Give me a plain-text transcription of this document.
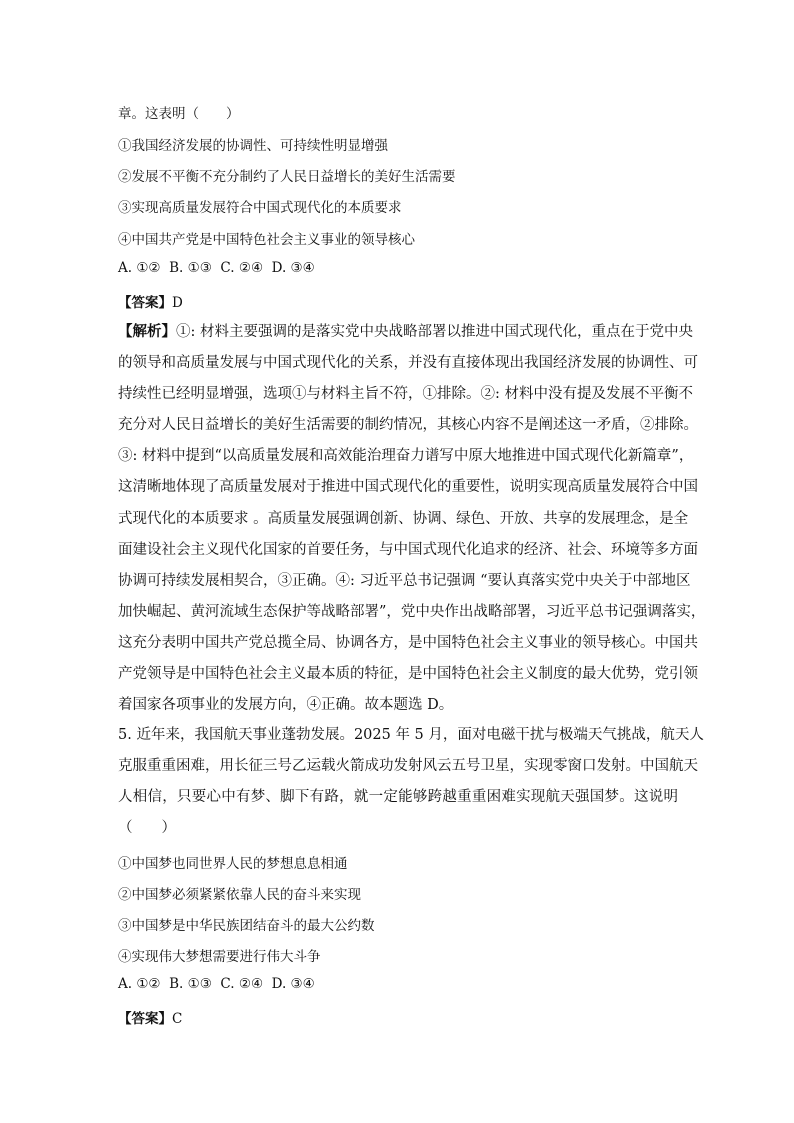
章。这表明（　　）
①我国经济发展的协调性、可持续性明显增强
②发展不平衡不充分制约了人民日益增长的美好生活需要
③实现高质量发展符合中国式现代化的本质要求
④中国共产党是中国特色社会主义事业的领导核心
A. ①②  B. ①③  C. ②④  D. ③④
【答案】D
【解析】①: 材料主要强调的是落实党中央战略部署以推进中国式现代化，重点在于党中央
的领导和高质量发展与中国式现代化的关系，并没有直接体现出我国经济发展的协调性、可
持续性已经明显增强，选项①与材料主旨不符，①排除。②: 材料中没有提及发展不平衡不
充分对人民日益增长的美好生活需要的制约情况，其核心内容不是阐述这一矛盾，②排除。
③: 材料中提到“以高质量发展和高效能治理奋力谱写中原大地推进中国式现代化新篇章”，
这清晰地体现了高质量发展对于推进中国式现代化的重要性，说明实现高质量发展符合中国
式现代化的本质要求 。高质量发展强调创新、协调、绿色、开放、共享的发展理念，是全
面建设社会主义现代化国家的首要任务，与中国式现代化追求的经济、社会、环境等多方面
协调可持续发展相契合，③正确。④: 习近平总书记强调 “要认真落实党中央关于中部地区
加快崛起、黄河流域生态保护等战略部署”，党中央作出战略部署，习近平总书记强调落实，
这充分表明中国共产党总揽全局、协调各方，是中国特色社会主义事业的领导核心。中国共
产党领导是中国特色社会主义最本质的特征，是中国特色社会主义制度的最大优势，党引领
着国家各项事业的发展方向，④正确。故本题选 D。
5. 近年来，我国航天事业蓬勃发展。2025 年 5 月，面对电磁干扰与极端天气挑战，航天人
克服重重困难，用长征三号乙运载火箭成功发射风云五号卫星，实现零窗口发射。中国航天
人相信，只要心中有梦、脚下有路，就一定能够跨越重重困难实现航天强国梦。这说明
（　　）
①中国梦也同世界人民的梦想息息相通
②中国梦必须紧紧依靠人民的奋斗来实现
③中国梦是中华民族团结奋斗的最大公约数
④实现伟大梦想需要进行伟大斗争
A. ①②  B. ①③  C. ②④  D. ③④
【答案】C
